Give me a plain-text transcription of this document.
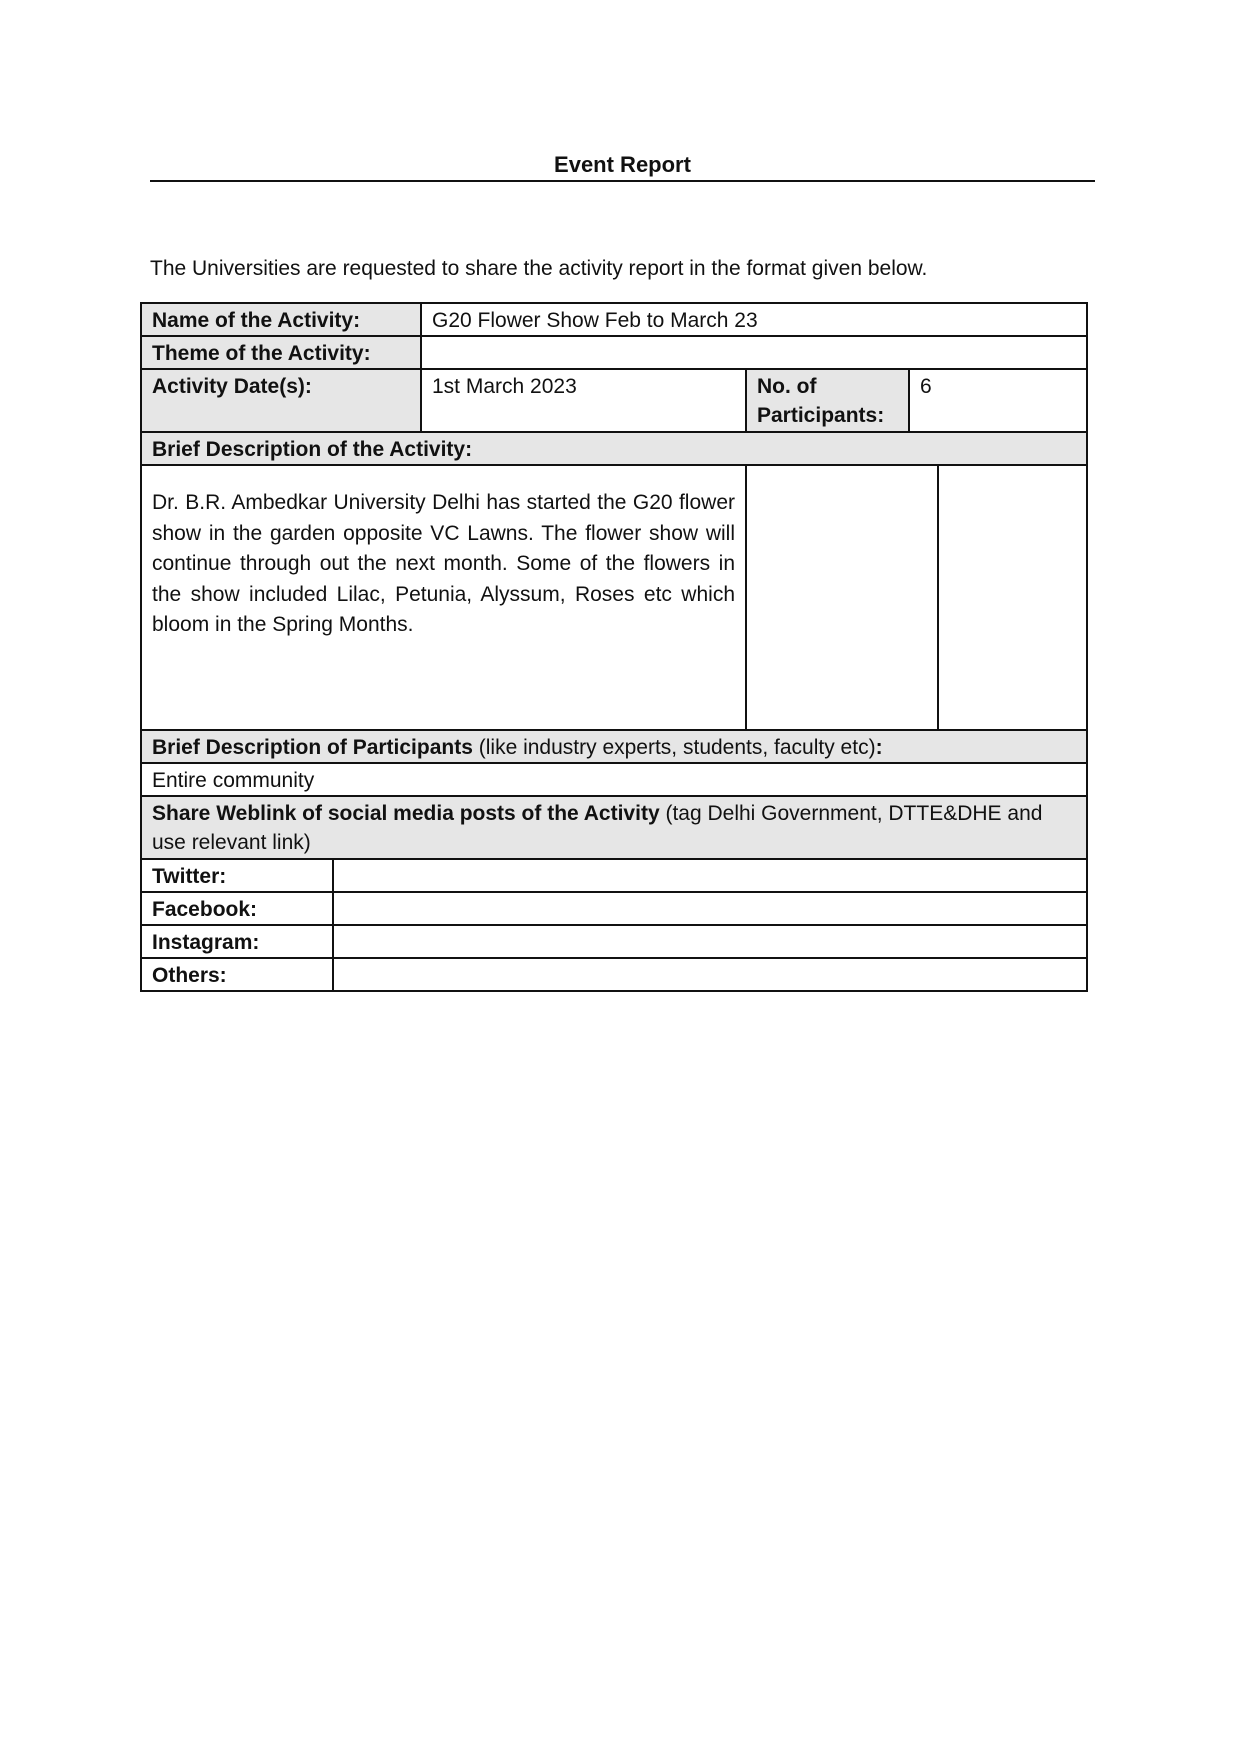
Event Report
The Universities are requested to share the activity report in the format given below.
Name of the Activity:		G20 Flower Show Feb to March 23			
Theme of the Activity:					
Activity Date(s):		1st March 2023	No. of Participants:	6	
Brief Description of the Activity:					
Dr. B.R. Ambedkar University Delhi has started the G20 flower show in the garden opposite VC Lawns. The flower show will continue through out the next month. Some of the flowers in the show included Lilac, Petunia, Alyssum, Roses etc which bloom in the Spring Months.					
Brief Description of Participants (like industry experts, students, faculty etc):					
Entire community					
Share Weblink of social media posts of the Activity (tag Delhi Government, DTTE&DHE and use relevant link)					
Twitter:					
Facebook:					
Instagram:					
Others:					
